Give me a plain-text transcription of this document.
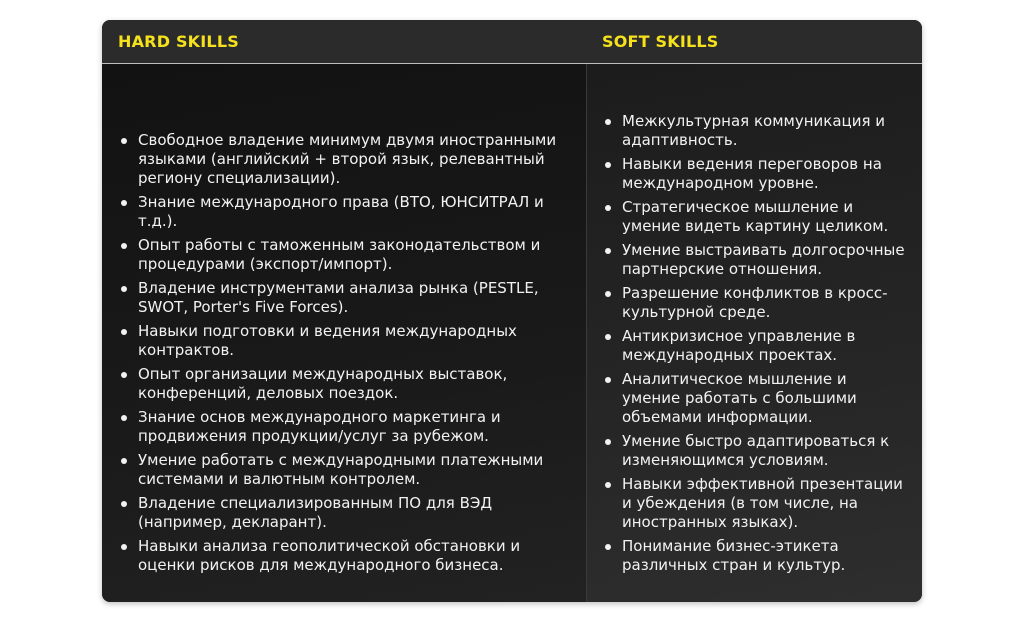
HARD SKILLS	SOFT SKILLS
Свободное владение минимум двумя иностранными языками (английский + второй язык, релевантный региону специализации).
Знание международного права (ВТО, ЮНСИТРАЛ и т.д.).
Опыт работы с таможенным законодательством и процедурами (экспорт/импорт).
Владение инструментами анализа рынка (PESTLE, SWOT, Porter's Five Forces).
Навыки подготовки и ведения международных контрактов.
Опыт организации международных выставок, конференций, деловых поездок.
Знание основ международного маркетинга и продвижения продукции/услуг за рубежом.
Умение работать с международными платежными системами и валютным контролем.
Владение специализированным ПО для ВЭД (например, декларант).
Навыки анализа геополитической обстановки и оценки рисков для международного бизнеса.
Межкультурная коммуникация и адаптивность.
Навыки ведения переговоров на международном уровне.
Стратегическое мышление и умение видеть картину целиком.
Умение выстраивать долгосрочные партнерские отношения.
Разрешение конфликтов в кросс-культурной среде.
Антикризисное управление в международных проектах.
Аналитическое мышление и умение работать с большими объемами информации.
Умение быстро адаптироваться к изменяющимся условиям.
Навыки эффективной презентации и убеждения (в том числе, на иностранных языках).
Понимание бизнес-этикета различных стран и культур.
